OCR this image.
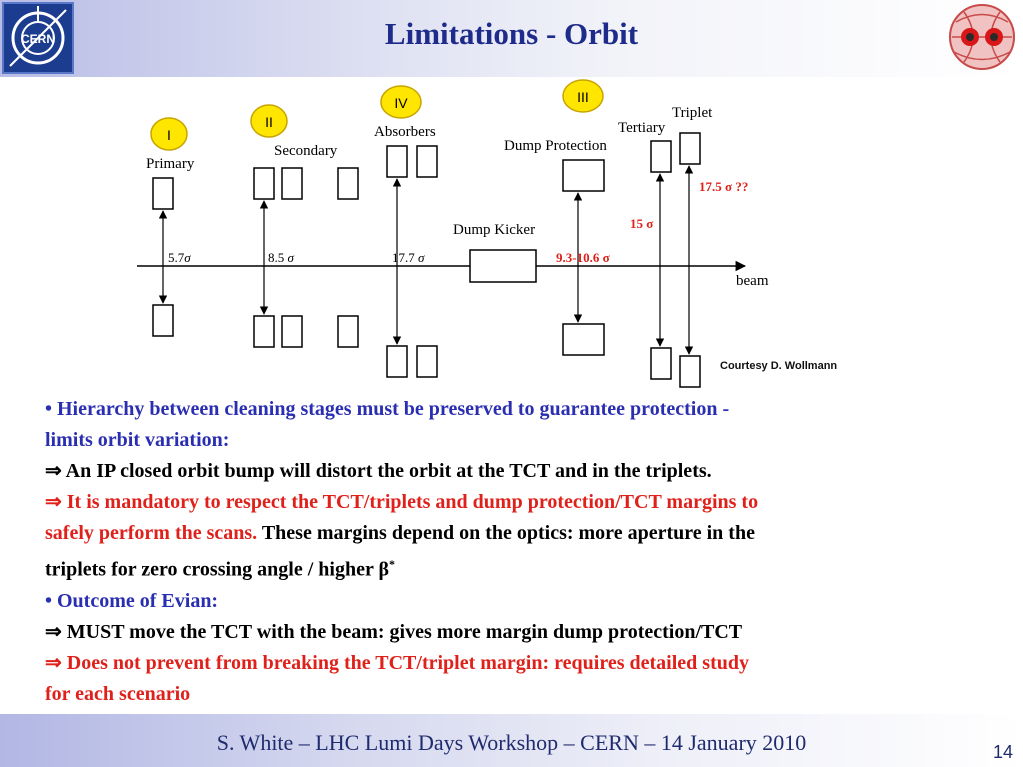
CERN	Limitations - Orbit
I
II
IV	III
Primary
Secondary
Absorbers
Dump Protection
Tertiary
Triplet
Dump Kicker
beam
5.7σ	8.5 σ	17.7 σ	9.3-10.6 σ
15 σ
17.5 σ ??
Courtesy D. Wollmann
• Hierarchy between cleaning stages must be preserved to guarantee protection -
limits orbit variation:
⇒ An IP closed orbit bump will distort the orbit at the TCT and in the triplets.
⇒ It is mandatory to respect the TCT/triplets and dump protection/TCT margins to
safely perform the scans. These margins depend on the optics: more aperture in the
triplets for zero crossing angle / higher β*
• Outcome of Evian:
⇒ MUST move the TCT with the beam: gives more margin dump protection/TCT
⇒ Does not prevent from breaking the TCT/triplet margin: requires detailed study
for each scenario
S. White – LHC Lumi Days Workshop – CERN – 14 January 2010	14
